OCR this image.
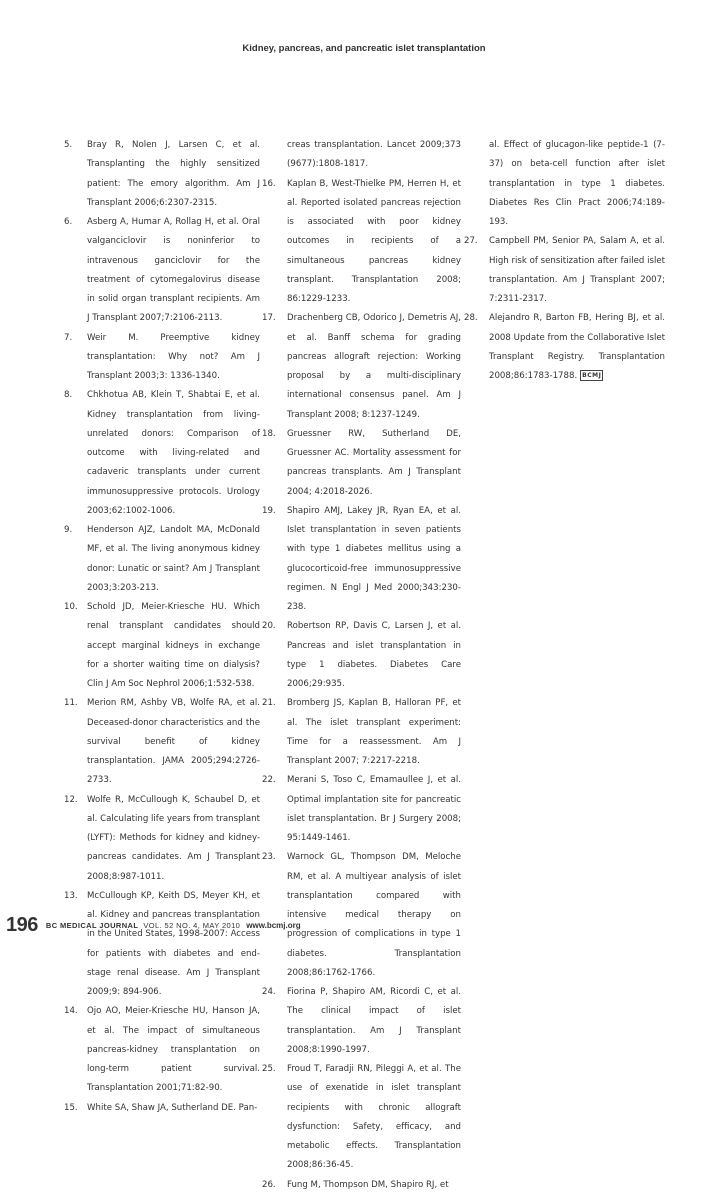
Kidney, pancreas, and pancreatic islet transplantation
5. Bray R, Nolen J, Larsen C, et al. Transplanting the highly sensitized patient: The emory algorithm. Am J Transplant 2006;6:2307-2315.
6. Asberg A, Humar A, Rollag H, et al. Oral valganciclovir is noninferior to intravenous ganciclovir for the treatment of cytomegalovirus disease in solid organ transplant recipients. Am J Transplant 2007;7:2106-2113.
7. Weir M. Preemptive kidney transplantation: Why not? Am J Transplant 2003;3: 1336-1340.
8. Chkhotua AB, Klein T, Shabtai E, et al. Kidney transplantation from living-unrelated donors: Comparison of outcome with living-related and cadaveric transplants under current immunosuppressive protocols. Urology 2003;62:1002-1006.
9. Henderson AJZ, Landolt MA, McDonald MF, et al. The living anonymous kidney donor: Lunatic or saint? Am J Transplant 2003;3:203-213.
10. Schold JD, Meier-Kriesche HU. Which renal transplant candidates should accept marginal kidneys in exchange for a shorter waiting time on dialysis? Clin J Am Soc Nephrol 2006;1:532-538.
11. Merion RM, Ashby VB, Wolfe RA, et al. Deceased-donor characteristics and the survival benefit of kidney transplantation. JAMA 2005;294:2726-2733.
12. Wolfe R, McCullough K, Schaubel D, et al. Calculating life years from transplant (LYFT): Methods for kidney and kidney-pancreas candidates. Am J Transplant 2008;8:987-1011.
13. McCullough KP, Keith DS, Meyer KH, et al. Kidney and pancreas transplantation in the United States, 1998-2007: Access for patients with diabetes and end-stage renal disease. Am J Transplant 2009;9: 894-906.
14. Ojo AO, Meier-Kriesche HU, Hanson JA, et al. The impact of simultaneous pancreas-kidney transplantation on long-term patient survival. Transplantation 2001;71:82-90.
15. White SA, Shaw JA, Sutherland DE. Pan-
creas transplantation. Lancet 2009;373 (9677):1808-1817.
16. Kaplan B, West-Thielke PM, Herren H, et al. Reported isolated pancreas rejection is associated with poor kidney outcomes in recipients of a simultaneous pancreas kidney transplant. Transplantation 2008; 86:1229-1233.
17. Drachenberg CB, Odorico J, Demetris AJ, et al. Banff schema for grading pancreas allograft rejection: Working proposal by a multi-disciplinary international consensus panel. Am J Transplant 2008; 8:1237-1249.
18. Gruessner RW, Sutherland DE, Gruessner AC. Mortality assessment for pancreas transplants. Am J Transplant 2004; 4:2018-2026.
19. Shapiro AMJ, Lakey JR, Ryan EA, et al. Islet transplantation in seven patients with type 1 diabetes mellitus using a glucocorticoid-free immunosuppressive regimen. N Engl J Med 2000;343:230-238.
20. Robertson RP, Davis C, Larsen J, et al. Pancreas and islet transplantation in type 1 diabetes. Diabetes Care 2006;29:935.
21. Bromberg JS, Kaplan B, Halloran PF, et al. The islet transplant experiment: Time for a reassessment. Am J Transplant 2007; 7:2217-2218.
22. Merani S, Toso C, Emamaullee J, et al. Optimal implantation site for pancreatic islet transplantation. Br J Surgery 2008; 95:1449-1461.
23. Warnock GL, Thompson DM, Meloche RM, et al. A multiyear analysis of islet transplantation compared with intensive medical therapy on progression of complications in type 1 diabetes. Transplantation 2008;86:1762-1766.
24. Fiorina P, Shapiro AM, Ricordi C, et al. The clinical impact of islet transplantation. Am J Transplant 2008;8:1990-1997.
25. Froud T, Faradji RN, Pileggi A, et al. The use of exenatide in islet transplant recipients with chronic allograft dysfunction: Safety, efficacy, and metabolic effects. Transplantation 2008;86:36-45.
26. Fung M, Thompson DM, Shapiro RJ, et
al. Effect of glucagon-like peptide-1 (7-37) on beta-cell function after islet transplantation in type 1 diabetes. Diabetes Res Clin Pract 2006;74:189-193.
27. Campbell PM, Senior PA, Salam A, et al. High risk of sensitization after failed islet transplantation. Am J Transplant 2007; 7:2311-2317.
28. Alejandro R, Barton FB, Hering BJ, et al. 2008 Update from the Collaborative Islet Transplant Registry. Transplantation 2008;86:1783-1788. BCMJ
196 BC MEDICAL JOURNAL VOL. 52 NO. 4, MAY 2010 www.bcmj.org
